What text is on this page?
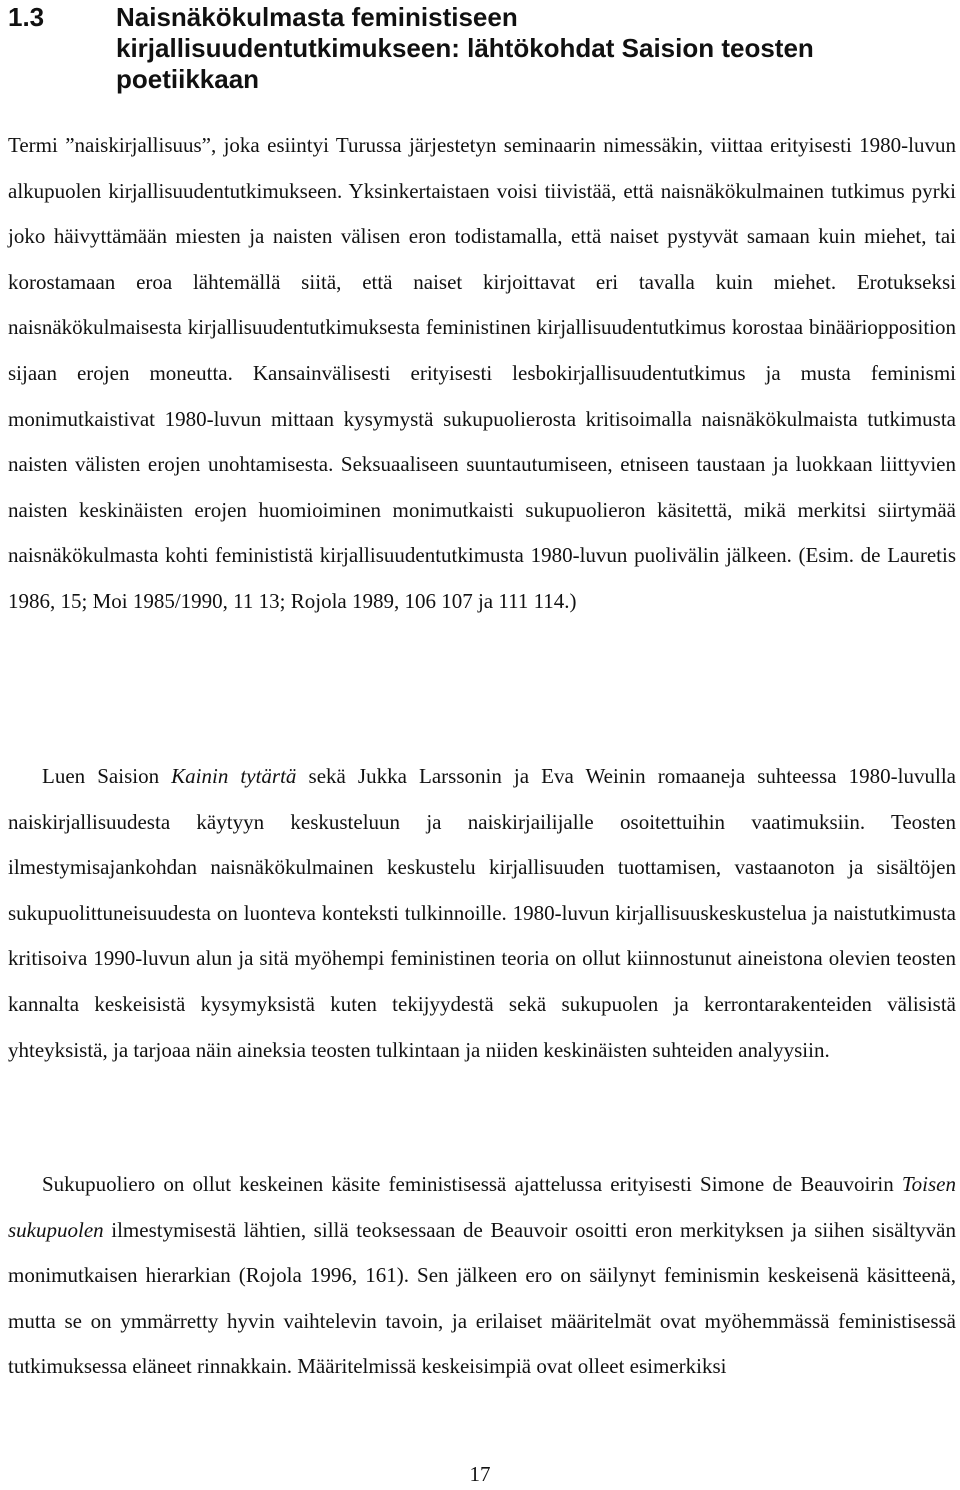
1.3	Naisnäkökulmasta feministiseen
kirjallisuudentutkimukseen: lähtökohdat Saision teosten
poetiikkaan

Termi ”naiskirjallisuus”, joka esiintyi Turussa järjestetyn seminaarin nimessäkin, viittaa erityisesti 1980-luvun alkupuolen kirjallisuudentutkimukseen. Yksinkertaistaen voisi tiivistää, että naisnäkökulmainen tutkimus pyrki joko häivyttämään miesten ja naisten välisen eron todistamalla, että naiset pystyvät samaan kuin miehet, tai korostamaan eroa lähtemällä siitä, että naiset kirjoittavat eri tavalla kuin miehet. Erotukseksi naisnäkökulmaisesta kirjallisuudentutkimuksesta feministinen kirjallisuudentutkimus korostaa binääriopposition sijaan erojen moneutta. Kansainvälisesti erityisesti lesbokirjallisuudentutkimus ja musta feminismi monimutkaistivat 1980-luvun mittaan kysymystä sukupuolierosta kritisoimalla naisnäkökulmaista tutkimusta naisten välisten erojen unohtamisesta. Seksuaaliseen suuntautumiseen, etniseen taustaan ja luokkaan liittyvien naisten keskinäisten erojen huomioiminen monimutkaisti sukupuolieron käsitettä, mikä merkitsi siirtymää naisnäkökulmasta kohti feminististä kirjallisuudentutkimusta 1980-luvun puolivälin jälkeen. (Esim. de Lauretis 1986, 15; Moi 1985/1990, 11 13; Rojola 1989, 106 107 ja 111 114.)

Luen Saision Kainin tytärtä sekä Jukka Larssonin ja Eva Weinin romaaneja suhteessa 1980-luvulla naiskirjallisuudesta käytyyn keskusteluun ja naiskirjailijalle osoitettuihin vaatimuksiin. Teosten ilmestymisajankohdan naisnäkökulmainen keskustelu kirjallisuuden tuottamisen, vastaanoton ja sisältöjen sukupuolittuneisuudesta on luonteva konteksti tulkinnoille. 1980-luvun kirjallisuuskeskustelua ja naistutkimusta kritisoiva 1990-luvun alun ja sitä myöhempi feministinen teoria on ollut kiinnostunut aineistona olevien teosten kannalta keskeisistä kysymyksistä kuten tekijyydestä sekä sukupuolen ja kerrontarakenteiden välisistä yhteyksistä, ja tarjoaa näin aineksia teosten tulkintaan ja niiden keskinäisten suhteiden analyysiin.

Sukupuoliero on ollut keskeinen käsite feministisessä ajattelussa erityisesti Simone de Beauvoirin Toisen sukupuolen ilmestymisestä lähtien, sillä teoksessaan de Beauvoir osoitti eron merkityksen ja siihen sisältyvän monimutkaisen hierarkian (Rojola 1996, 161). Sen jälkeen ero on säilynyt feminismin keskeisenä käsitteenä, mutta se on ymmärretty hyvin vaihtelevin tavoin, ja erilaiset määritelmät ovat myöhemmässä feministisessä tutkimuksessa eläneet rinnakkain. Määritelmissä keskeisimpiä ovat olleet esimerkiksi

17
